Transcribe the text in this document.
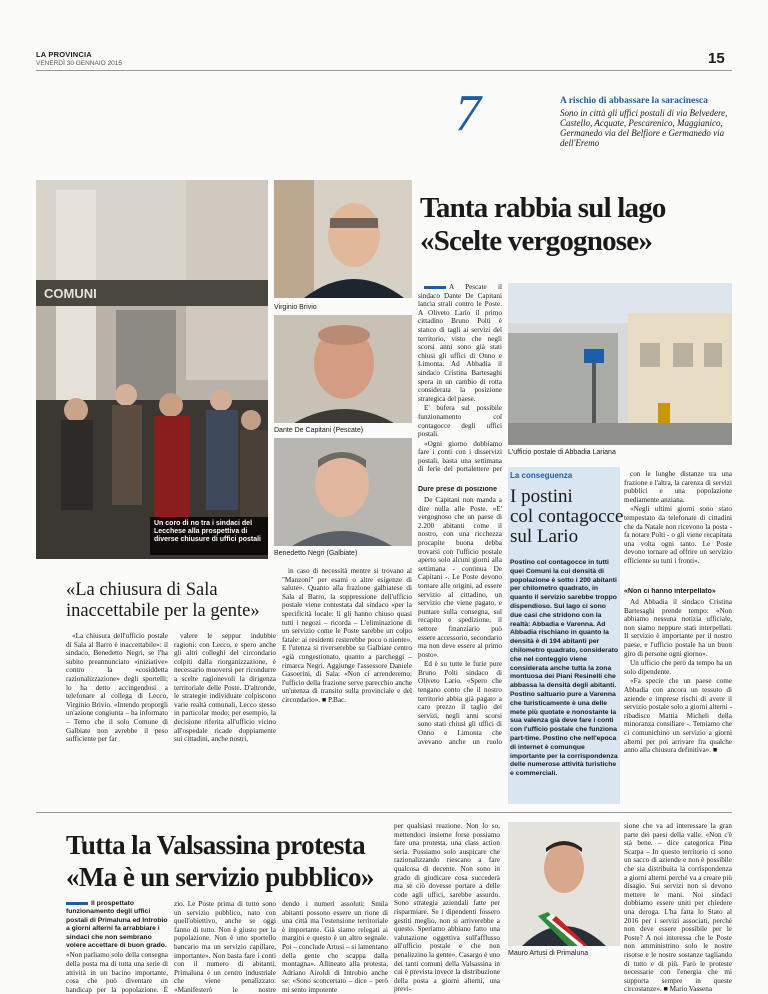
LA PROVINCIA
VENERDÌ 30 GENNAIO 2015	15
7	A rischio di abbassare la saracinesca
Sono in città gli uffici postali di via Belvedere, Castello, Acquate, Pescarenico, Maggianico, Germanedo via del Belfiore e Germanedo via dell'Eremo
COMUNI
Un coro di no tra i sindaci del Lecchese alla prospettiva di diverse chiusure di uffici postali
Virginio Brivio
Dante De Capitani (Pescate)
Benedetto Negri (Galbiate)
Tanta rabbia sul lago
«Scelte vergognose»

A Pescate il sindaco Dante De Capitani lancia strali contro le Poste. A Oliveto Lario il primo cittadino Bruno Polti è stanco di tagli ai servizi del territorio, visto che negli scorsi anni sono già stati chiusi gli uffici di Onno e Limonta. Ad Abbadia il sindaco Cristina Bartesaghi spera in un cambio di rotta considerata la posizione strategica del paese.

E' bufera sul possibile funzionamento col contagocce degli uffici postali.

«Ogni giorno dobbiamo fare i conti con i disservizi postali, basta una settimana di ferie del portalettere per

Dure prese di posizione

De Capitani non manda a dire nulla alle Poste. «E' vergognoso che un paese di 2.200 abitanti come il nostro, con una ricchezza procapite buona debba trovarsi con l'ufficio postale aperto solo alcuni giorni alla settimana - continua De Capitani -. Le Poste devono tornare alle origini, ad essere servizio al cittadino, un servizio che viene pagato, e puntare sulla consegna, sul recapito e spedizione, il settore finanziario può essere accessorio, secondario ma non deve essere al primo posto».

Ed è su tutte le furie pure Bruno Polti sindaco di Oliveto Lario. «Spero che tengano conto che il nostro territorio abbia già pagato a caro prezzo il taglio dei servizi, negli anni scorsi sono stati chiusi gli uffici di Onno e Limonta che avevano anche un ruolo

L'ufficio postale di Abbadia Lariana
La conseguenza
I postini
col contagocce
sul Lario
Postino col contagocce in tutti quei Comuni la cui densità di popolazione è sotto i 200 abitanti per chilometro quadrato, in quanto il servizio sarebbe troppo dispendioso. Sul lago ci sono due casi che stridono con la realtà: Abbadia e Varenna. Ad Abbadia rischiano in quanto la densità è di 194 abitanti per chilometro quadrato, considerato che nel conteggio viene considerata anche tutta la zona montuosa dei Piani Resinelli che abbassa la densità degli abitanti. Postino saltuario pure a Varenna che turisticamente è una delle mete più quotate e nonostante la sua valenza già deve fare i conti con l'ufficio postale che funziona part-time. Postino che nell'epoca di internet è comunque importante per la corrispondenza delle numerose attività turistiche e commerciali.

con le lunghe distanze tra una frazione e l'altra, la carenza di servizi pubblici e una popolazione mediamente anziana.

«Negli ultimi giorni sono stato tempestato da telefonate di cittadini che da Natale non ricevono la posta - fa notare Polti - o gli viene recapitata una volta ogni tanto. Le Poste devono tornare ad offrire un servizio efficiente su tutti i fronti».

«Non ci hanno interpellato»

Ad Abbadia il sindaco Cristina Bartesaghi prende tempo: «Non abbiamo nessuna notizia ufficiale, non siamo neppure stati interpellati. Il servizio è importante per il nostro paese, e l'ufficio postale ha un buon giro di persone ogni giorno».

Un ufficio che però da tempo ha un solo dipendente.

«Fa specie che un paese come Abbadia con ancora un tessuto di aziende e imprese rischi di avere il servizio postale solo a giorni alterni - ribadisce Mattia Micheli della minoranza consiliare -. Temiamo che ci comunichino un servizio a giorni alterni per poi arrivare fra qualche anno alla chiusura definitiva». ■

«La chiusura di Sala
inaccettabile per la gente»

«La chiusura dell'ufficio postale di Sala al Barro è inaccettabile»: il sindaco, Benedetto Negri, se l'ha subito preannunciato «iniziative» contro la «cosiddetta razionalizzazione» degli sportelli; lo ha detto accingendosi a telefonare al collega di Lecco, Virginio Brivio. «Intendo proporgli un'azione congiunta – ha informato – Temo che il solo Comune di Galbiate non avrebbe il peso sufficiente per far

valere le seppur indubbie ragioni: con Lecco, e spero anche gli altri colleghi del circondario colpiti dalla riorganizzazione, è necessario muoversi per ricondurre a scelte ragionevoli la dirigenza territoriale delle Poste. D'altronde, le strategie individuate colpiscono varie realtà comunali, Lecco stesso in particolar modo: per esempio, la decisione riferita all'ufficio vicino all'ospedale ricade doppiamente sui cittadini, anche nostri,

in caso di necessità mentre si trovano al "Manzoni" per esami o altre esigenze di salute». Quanto alla frazione galbiatese di Sala al Barro, la soppressione dell'ufficio postale viene contestata dal sindaco «per la specificità locale: lì gli hanno chiuso quasi tutti i negozi – ricorda – L'eliminazione di un servizio come le Poste sarebbe un colpo fatale: ai residenti resterebbe poco o niente». E l'utenza si riverserebbe su Galbiate centro «già congestionato, quanto a parcheggi – rimarca Negri. Aggiunge l'assessore Daniele Gasoerini, di Sala: «Non ci arrenderemo: l'ufficio della frazione serve parecchio anche un'utenza di transito sulla provinciale e del circondario». ■ P.Bac.

Tutta la Valsassina protesta
«Ma è un servizio pubblico»
Il prospettato funzionamento degli uffici postali di Primaluna ed Introbio a giorni alterni fa arrabbiare i sindaci che non sembrano volere accettare di buon grado.
«Non parliamo solo della consegna della posta ma di tutta una serie di attività in un bacino importante, cosa che può diventare un handicap per la popolazione. È
zio. Le Poste prima di tutto sono un servizio pubblico, nato con quell'obiettivo, anche se oggi fanno di tutto. Non è giusto per la popolazione. Non è uno sportello bancario ma un servizio capillare, importante». Non basta fare i conti con il numero di abitanti, Primaluna è un centro industriale che viene penalizzato: «Manifesterò le nostre
dendo i numeri assoluti: Smila abitanti possono essere un rione di una città ma l'estensione territoriale è importante. Già siamo relegati ai margini e questo è un altro segnale. Poi – conclude Artusi – si lamentano della gente che scappa dalla montagna». Allineato alla protesta, Adriano Airoldi di Introbio anche se: «Sono sconcertato – dice – però mi sento impotente
per qualsiasi reazione. Non lo so, mettendoci insieme forse possiamo fare una protesta, una class action seria. Possiamo solo auspicare che razionalizzando riescano a fare qualcosa di decente. Non sono in grado di giudicare cosa succederà ma se ciò dovesse portare a delle code agli uffici, sarebbe assurdo. Sono strategia aziendali fatte per risparmiare. Se i dipendenti fossero gestiti meglio, non si arriverebbe a questo. Speriamo abbiano fatto una valutazione oggettiva sull'afflusso all'ufficio postale e che non penalizzino la gente». Casargo è uno dei tanti comuni della Valsassina in cui è prevista invece la distribuzione della posta a giorni alterni, una previ-
Mauro Artusi di Primaluna
sione che va ad interessare la gran parte dei paesi della valle. «Non c'è stà bene. – dice categorica Pina Scarpa – In questo territorio ci sono un sacco di aziende e non è possibile che sia distribuita la corrispondenza a giorni alterni perché va a creare più disagio. Sui servizi non si devono mettere le mani. Noi sindaci dobbiamo essere uniti per chiedere una deroga. L'ha fatta lo Stato al 2016 per i servizi associati, perché non deve essere possibile per le Poste? A noi interessa che le Poste non amministrino solo le nostre risorse e le nostre sostanze tagliando di tutto e di più. Farò le proteste necessarie con l'energia che mi supporta sempre in queste circostanze». ■ Mario Vassena
